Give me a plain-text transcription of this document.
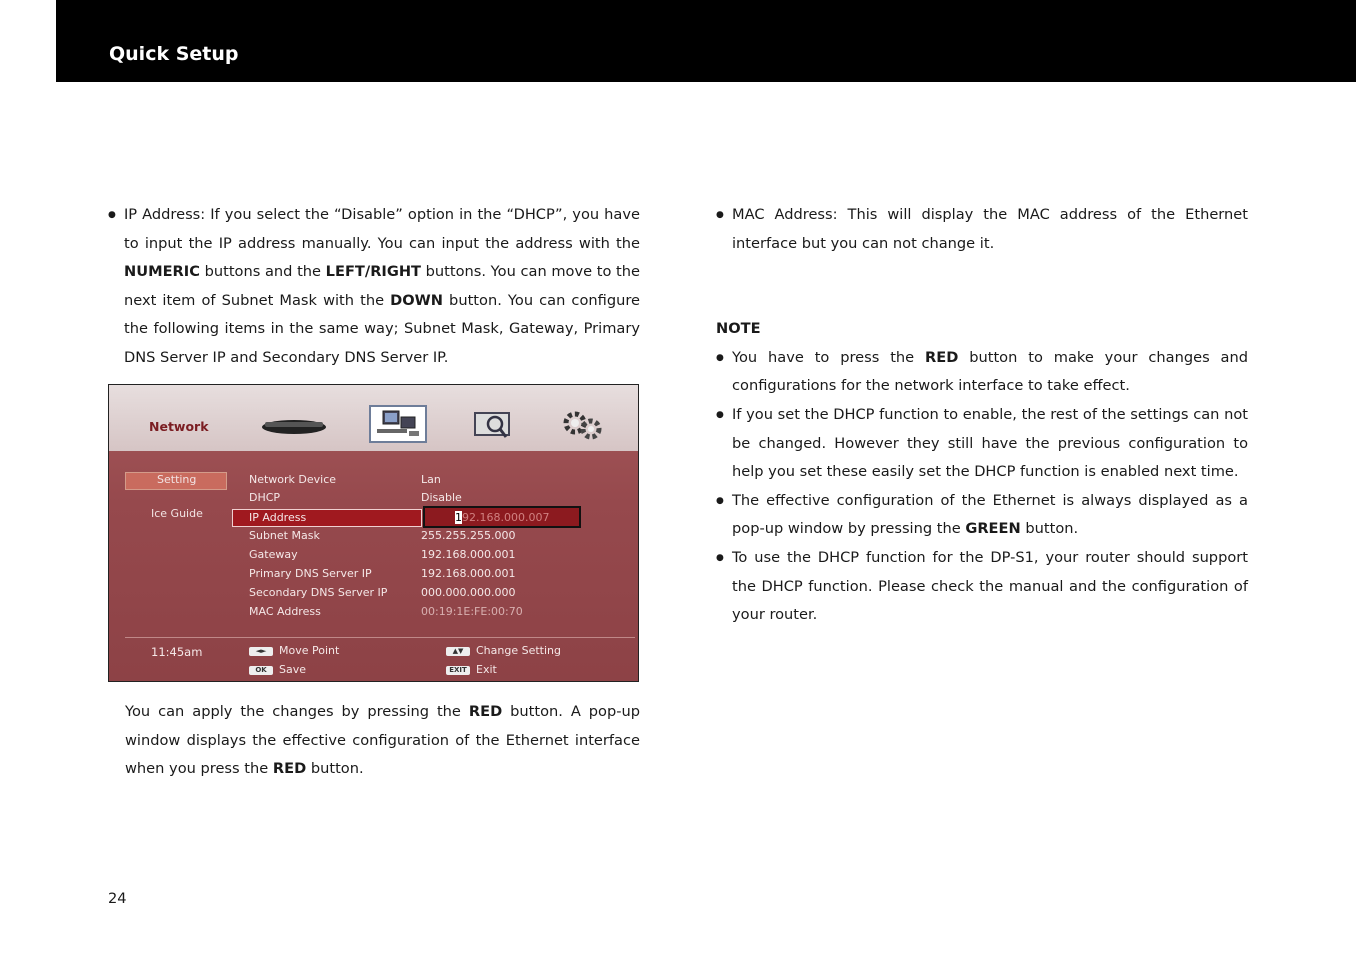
Quick Setup
● IP Address: If you select the “Disable” option in the “DHCP”, you have to input the IP address manually. You can input the address with the NUMERIC buttons and the LEFT/RIGHT buttons. You can move to the next item of Subnet Mask with the DOWN button. You can configure the following items in the same way; Subnet Mask, Gateway, Primary DNS Server IP and Secondary DNS Server IP.
Network
Setting
Ice Guide
Network Device
DHCP
IP Address
Subnet Mask
Gateway
Primary DNS Server IP
Secondary DNS Server IP
MAC Address
Lan
Disable
192.168.000.007
255.255.255.000
192.168.000.001
192.168.000.001
000.000.000.000
00:19:1E:FE:00:70
11:45am	◄► Move Point
OK Save
▲▼ Change Setting
EXIT Exit
You can apply the changes by pressing the RED button. A pop-up window displays the effective configuration of the Ethernet interface when you press the RED button.
● MAC Address: This will display the MAC address of the Ethernet interface but you can not change it.
NOTE
● You have to press the RED button to make your changes and configurations for the network interface to take effect.
● If you set the DHCP function to enable, the rest of the settings can not be changed. However they still have the previous configuration to help you set these easily set the DHCP function is enabled next time.
● The effective configuration of the Ethernet is always displayed as a pop-up window by pressing the GREEN button.
● To use the DHCP function for the DP-S1, your router should support the DHCP function. Please check the manual and the configuration of your router.
24
